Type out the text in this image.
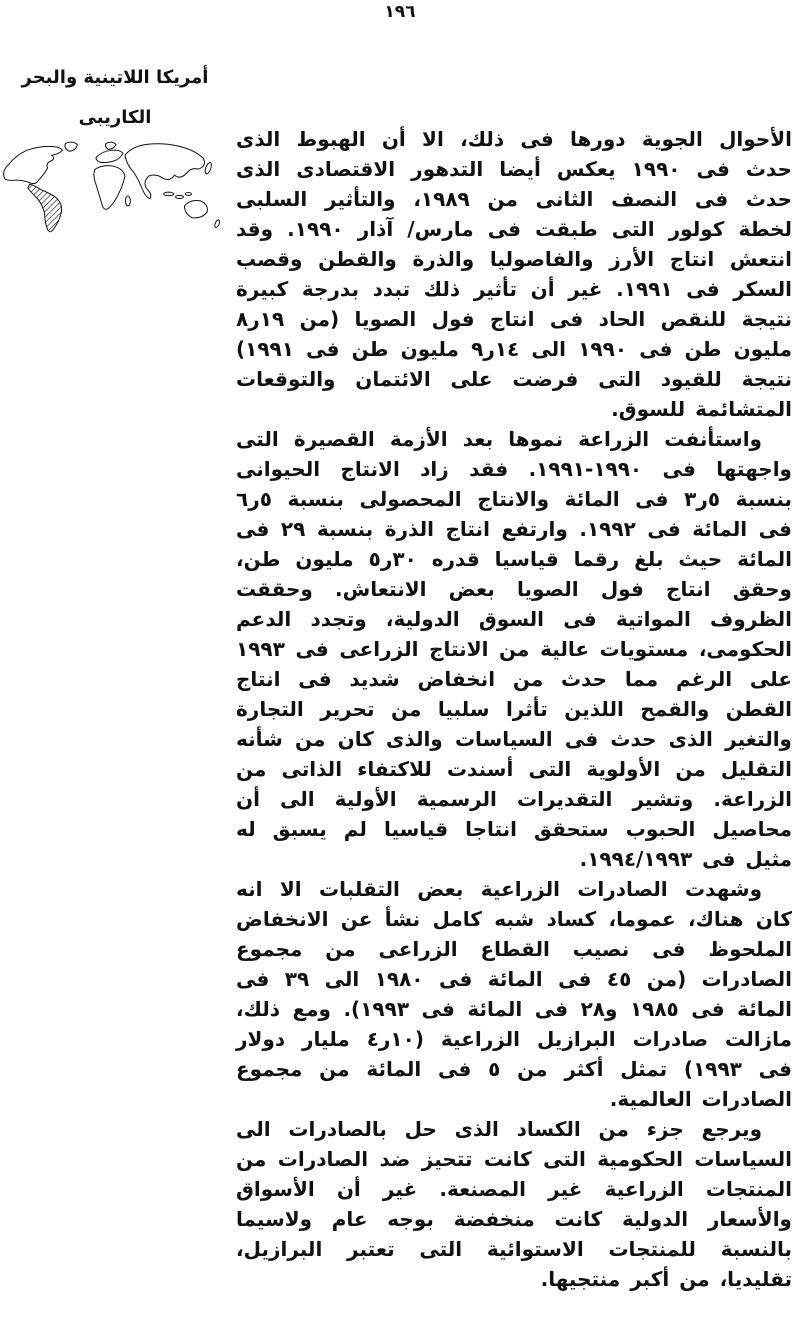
١٩٦
أمريكا اللاتينية والبحر
الكاريبى

الأحوال الجوية دورها فى ذلك، الا أن الهبوط الذى حدث فى ١٩٩٠ يعكس أيضا التدهور الاقتصادى الذى حدث فى النصف الثانى من ١٩٨٩، والتأثير السلبى لخطة كولور التى طبقت فى مارس/ آذار ١٩٩٠. وقد انتعش انتاج الأرز والفاصوليا والذرة والقطن وقصب السكر فى ١٩٩١. غير أن تأثير ذلك تبدد بدرجة كبيرة نتيجة للنقص الحاد فى انتاج فول الصويا (من ١٩ر٨ مليون طن فى ١٩٩٠ الى ١٤ر٩ مليون طن فى ١٩٩١) نتيجة للقيود التى فرضت على الائتمان والتوقعات المتشائمة للسوق.

واستأنفت الزراعة نموها بعد الأزمة القصيرة التى واجهتها فى ١٩٩٠-١٩٩١. فقد زاد الانتاج الحيوانى بنسبة ٥ر٣ فى المائة والانتاج المحصولى بنسبة ٥ر٦ فى المائة فى ١٩٩٢. وارتفع انتاج الذرة بنسبة ٢٩ فى المائة حيث بلغ رقما قياسيا قدره ٣٠ر٥ مليون طن، وحقق انتاج فول الصويا بعض الانتعاش. وحققت الظروف المواتية فى السوق الدولية، وتجدد الدعم الحكومى، مستويات عالية من الانتاج الزراعى فى ١٩٩٣ على الرغم مما حدث من انخفاض شديد فى انتاج القطن والقمح اللذين تأثرا سلبيا من تحرير التجارة والتغير الذى حدث فى السياسات والذى كان من شأنه التقليل من الأولوية التى أسندت للاكتفاء الذاتى من الزراعة. وتشير التقديرات الرسمية الأولية الى أن محاصيل الحبوب ستحقق انتاجا قياسيا لم يسبق له مثيل فى ١٩٩٤/١٩٩٣.

وشهدت الصادرات الزراعية بعض التقلبات الا انه كان هناك، عموما، كساد شبه كامل نشأ عن الانخفاض الملحوظ فى نصيب القطاع الزراعى من مجموع الصادرات (من ٤٥ فى المائة فى ١٩٨٠ الى ٣٩ فى المائة فى ١٩٨٥ و٢٨ فى المائة فى ١٩٩٣). ومع ذلك، مازالت صادرات البرازيل الزراعية (١٠ر٤ مليار دولار فى ١٩٩٣) تمثل أكثر من ٥ فى المائة من مجموع الصادرات العالمية.

ويرجع جزء من الكساد الذى حل بالصادرات الى السياسات الحكومية التى كانت تتحيز ضد الصادرات من المنتجات الزراعية غير المصنعة. غير أن الأسواق والأسعار الدولية كانت منخفضة بوجه عام ولاسيما بالنسبة للمنتجات الاستوائية التى تعتبر البرازيل، تقليديا، من أكبر منتجيها.
